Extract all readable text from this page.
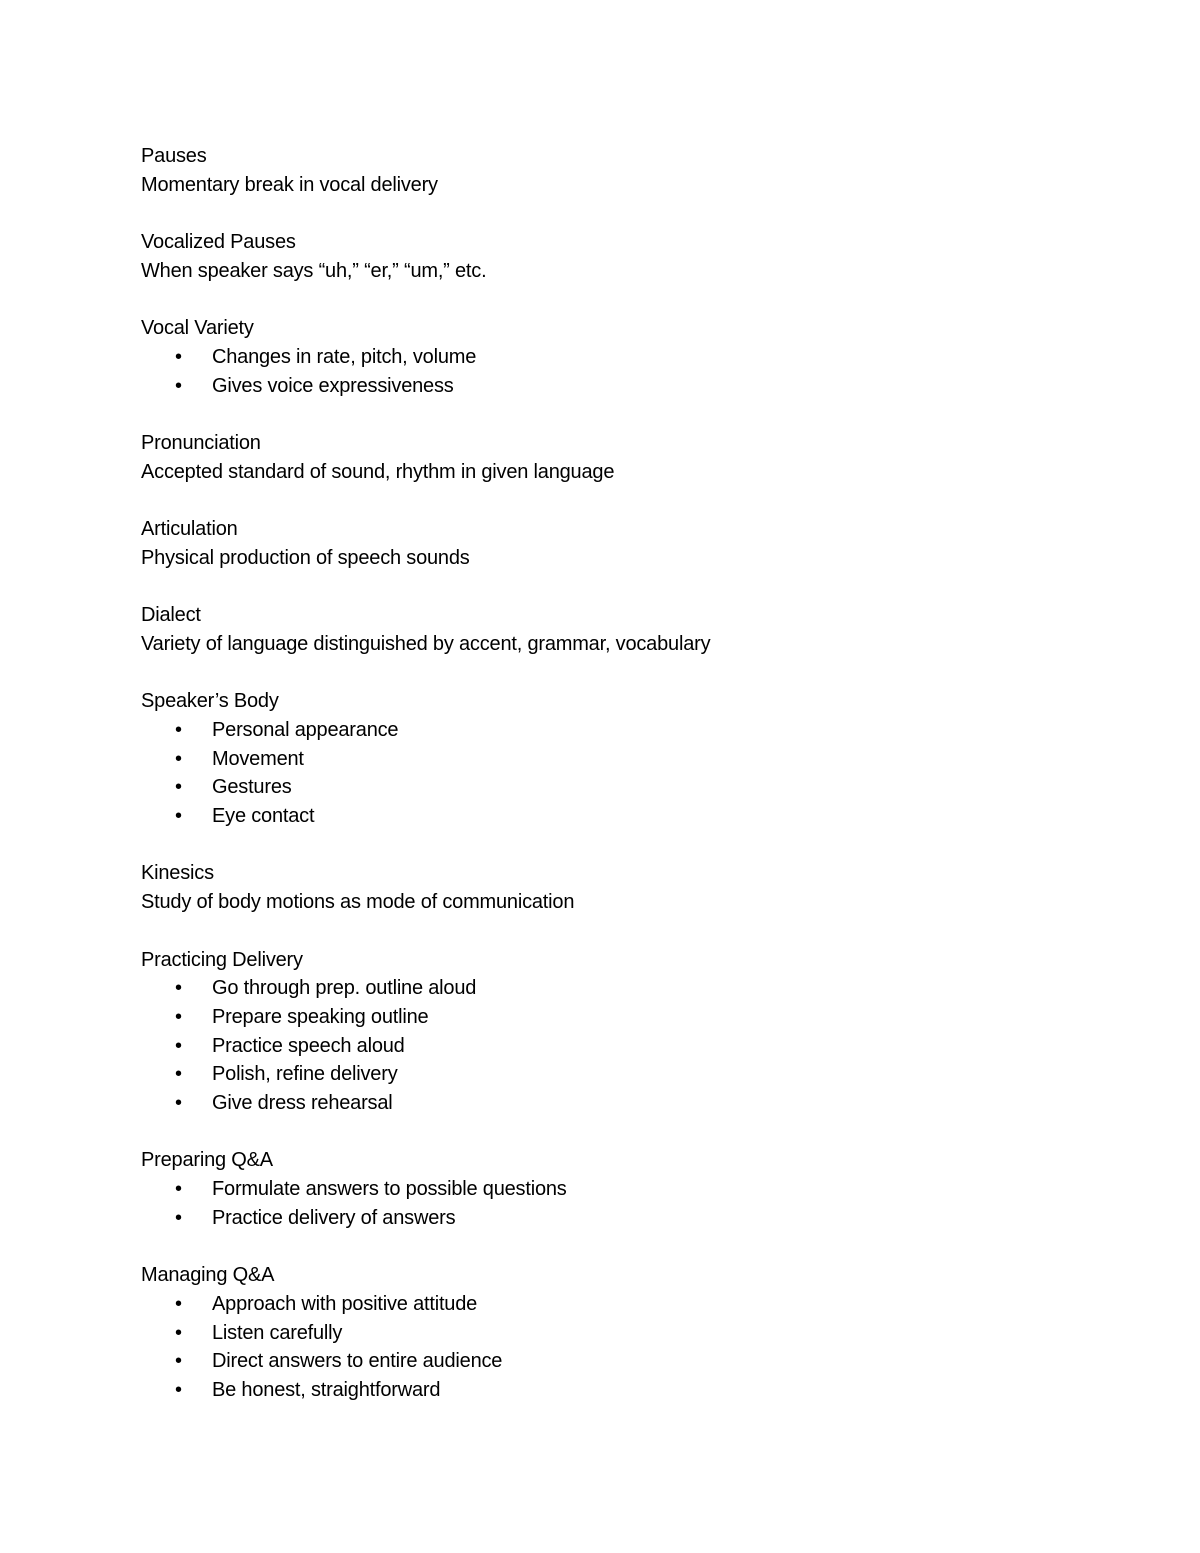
Pauses
Momentary break in vocal delivery
Vocalized Pauses
When speaker says “uh,” “er,” “um,” etc.
Vocal Variety
• Changes in rate, pitch, volume
• Gives voice expressiveness
Pronunciation
Accepted standard of sound, rhythm in given language
Articulation
Physical production of speech sounds
Dialect
Variety of language distinguished by accent, grammar, vocabulary
Speaker’s Body
• Personal appearance
• Movement
• Gestures
• Eye contact
Kinesics
Study of body motions as mode of communication
Practicing Delivery
• Go through prep. outline aloud
• Prepare speaking outline
• Practice speech aloud
• Polish, refine delivery
• Give dress rehearsal
Preparing Q&A
• Formulate answers to possible questions
• Practice delivery of answers
Managing Q&A
• Approach with positive attitude
• Listen carefully
• Direct answers to entire audience
• Be honest, straightforward
